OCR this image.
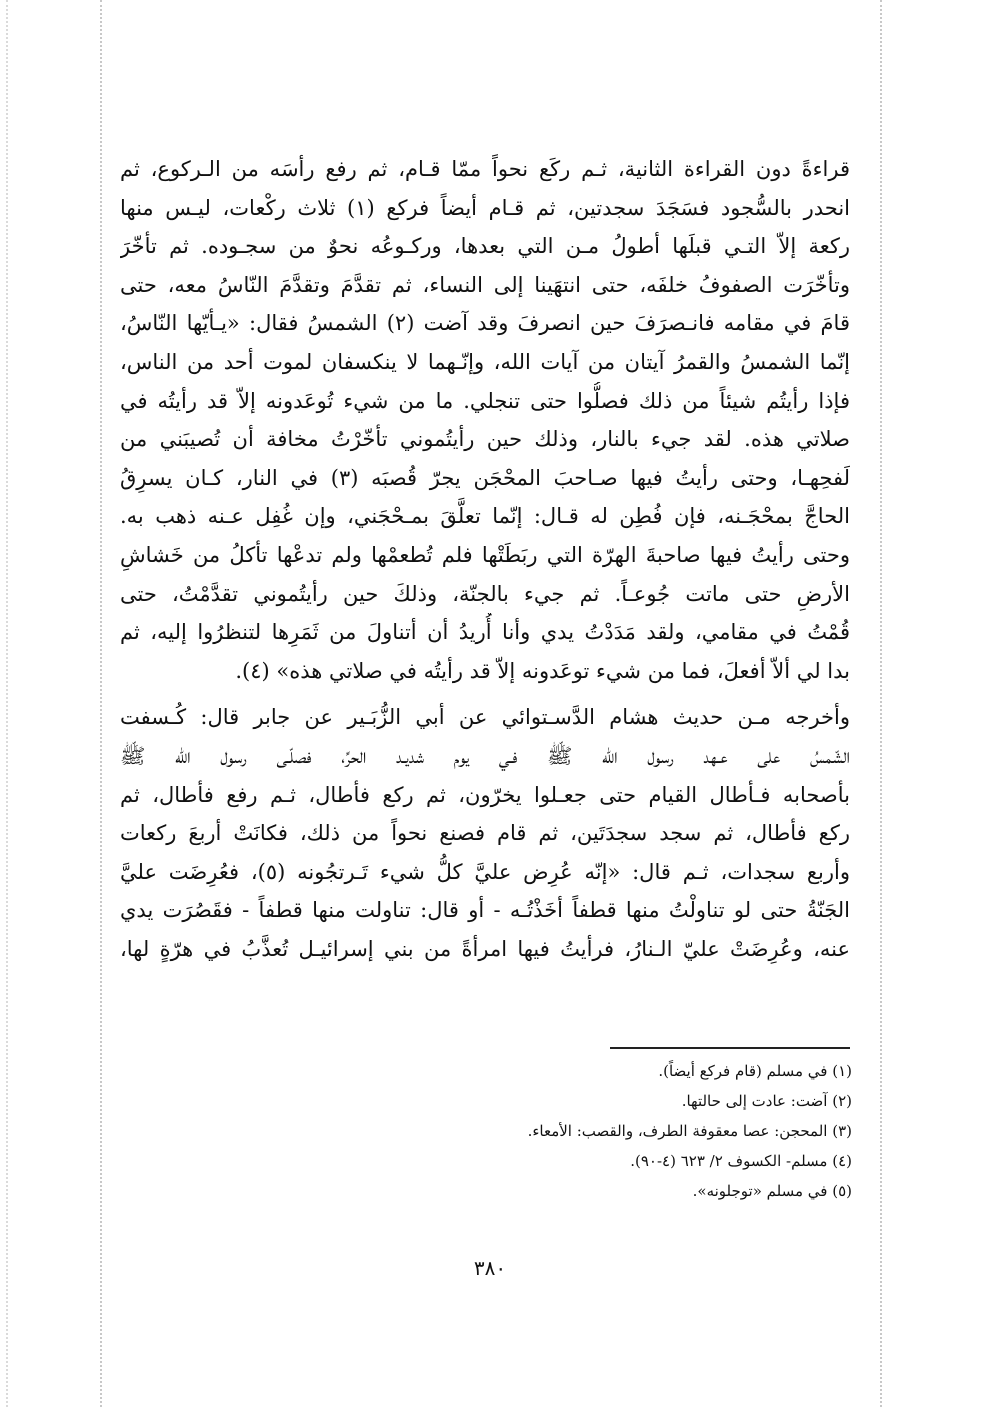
قراءةً دون القراءة الثانية، ثـم ركَع نحواً ممّا قـام، ثم رفع رأسَه من الـركوع، ثم
انحدر بالسُّجود فسَجَدَ سجدتين، ثم قـام أيضاً فركع (١) ثلاث ركْعات، ليـس منها
ركعة إلاّ التـي قبلَها أطولُ مـن التي بعدها، وركـوعُه نحوٌ من سجـوده. ثم تأخّرَ
وتأخّرَت الصفوفُ خلفَه، حتى انتهَينا إلى النساء، ثم تقدَّمَ وتقدَّمَ النّاسُ معه، حتى
قامَ في مقامه فانـصرَفَ حين انصرفَ وقد آضت (٢) الشمسُ فقال: «يـأيّها النّاسُ،
إنّما الشمسُ والقمرُ آيتان من آيات الله، وإنّـهما لا ينكسفان لموت أحد من الناس،
فإذا رأيتُم شيئاً من ذلك فصلُّوا حتى تنجلي. ما من شيء تُوعَدونه إلاّ قد رأيتُه في
صلاتي هذه. لقد جيء بالنار، وذلك حين رأيتُموني تأخّرْتُ مخافة أن تُصيبَني من
لَفحِهـا، وحتى رأيتُ فيها صـاحبَ المحْجَن يجرّ قُصبَه (٣) في النار، كـان يسرِقُ
الحاجَّ بمحْجَـنه، فإن فُطِن له قـال: إنّما تعلَّقَ بمـحْجَني، وإن غُفِل عـنه ذهب به.
وحتى رأيتُ فيها صاحبةَ الهرّة التي ربَطَتْها فلم تُطعمْها ولم تدعْها تأكلُ من خَشاشِ
الأرضِ حتى ماتت جُوعـاً. ثم جيء بالجنّة، وذلكَ حين رأيتُموني تقدَّمْتُ، حتى
قُمْتُ في مقامي، ولقد مَدَدْتُ يدي وأنا أُريدُ أن أتناولَ من ثَمَرِها لتنظرُوا إليه، ثم
بدا لي ألاّ أفعلَ، فما من شيء توعَدونه إلاّ قد رأيتُه في صلاتي هذه» (٤).
وأخرجه مـن حديث هشام الدَّسـتوائي عن أبي الزُّبَـير عن جابر قال: كُـسفت
الشّمسُ على عـهد رسول الله ﷺ فـي يوم شديـد الحرِّ، فصلّـى رسول الله ﷺ
بأصحابه فـأطال القيام حتى جعـلوا يخرّون، ثم ركع فأطال، ثـم رفع فأطال، ثم
ركع فأطال، ثم سجد سجدَتَين، ثم قام فصنع نحواً من ذلك، فكانَتْ أربعَ ركعات
وأربع سجدات، ثـم قال: «إنّه عُرِض عليَّ كلُّ شيء تَـرتجُونه (٥)، فعُرِضَت عليَّ
الجَنّةُ حتى لو تناولْتُ منها قطفاً أخَذْتُـه - أو قال: تناولت منها قطفاً - فقَصُرَت يدي
عنه، وعُرِضَتْ عليّ الـنارُ، فرأيتُ فيها امرأةً من بني إسرائيـل تُعذَّبُ في هرّةٍ لها،
(١) في مسلم (قام فركع أيضاً).
(٢) آضت: عادت إلى حالتها.
(٣) المحجن: عصا معقوفة الطرف، والقصب: الأمعاء.
(٤) مسلم- الكسوف ٢/ ٦٢٣ (٤-٩٠).
(٥) في مسلم «توجلونه».
٣٨٠
